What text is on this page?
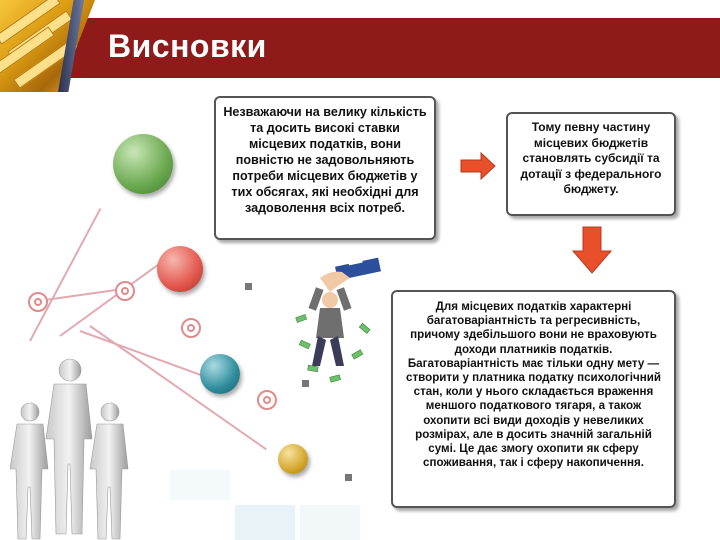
Висновки
Незважаючи на велику кількість та досить високі ставки місцевих податків, вони повністю не задовольняють потреби місцевих бюджетів у тих обсягах, які необхідні для задоволення всіх потреб.
Тому певну частину місцевих бюджетів становлять субсидії та дотації з федерального бюджету.
Для місцевих податків характерні багатоваріантність та регресивність, причому здебільшого вони не враховують доходи платників податків. Багатоваріантність має тільки одну мету — створити у платника податку психологічний стан, коли у нього складається враження меншого податкового тягаря, а також охопити всі види доходів у невеликих розмірах, але в досить значній загальній сумі. Це дає змогу охопити як сферу споживання, так і сферу накопичення.
